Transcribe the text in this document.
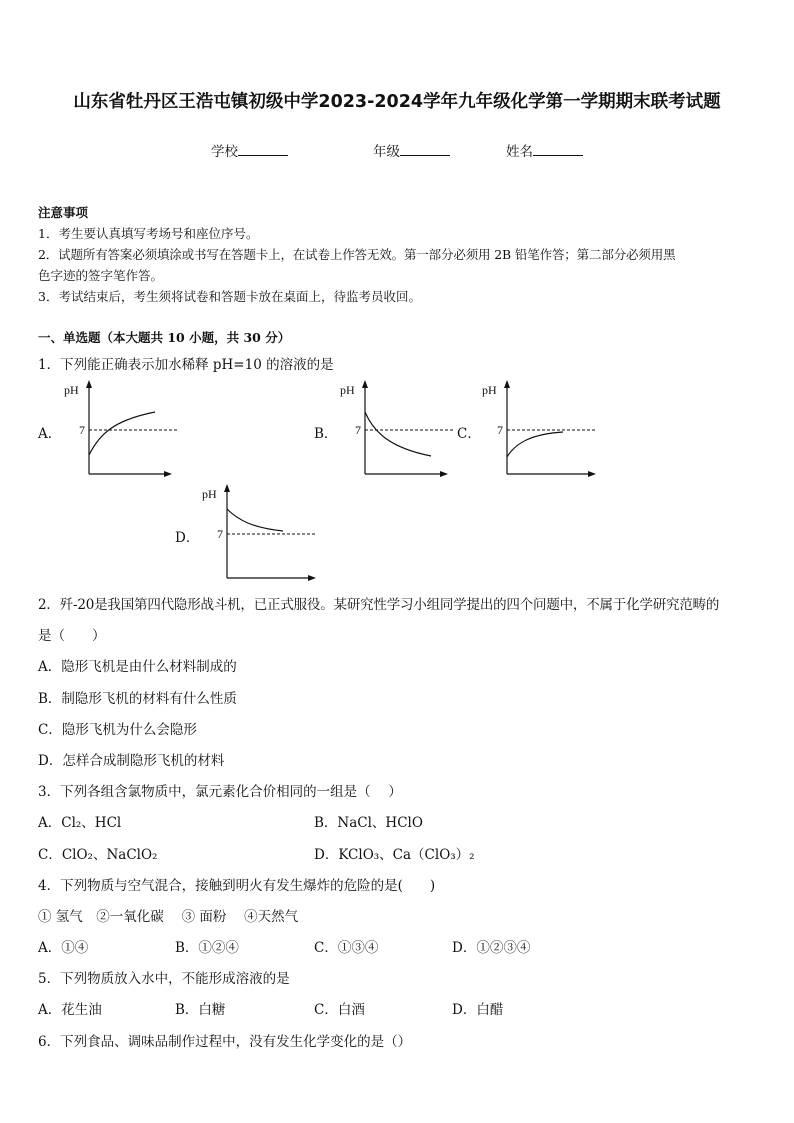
山东省牡丹区王浩屯镇初级中学2023-2024学年九年级化学第一学期期末联考试题
学校	年级	姓名
注意事项
1．考生要认真填写考场号和座位序号。
2．试题所有答案必须填涂或书写在答题卡上，在试卷上作答无效。第一部分必须用 2B 铅笔作答；第二部分必须用黑
色字迹的签字笔作答。
3．考试结束后，考生须将试卷和答题卡放在桌面上，待监考员收回。
一、单选题（本大题共 10 小题，共 30 分）
1．下列能正确表示加水稀释 pH=10 的溶液的是
A．
pH
7	B．
pH
7	C．
pH
7
D．
pH
7
2．歼-20是我国第四代隐形战斗机，已正式服役。某研究性学习小组同学提出的四个问题中，不属于化学研究范畴的
是（　　）
A．隐形飞机是由什么材料制成的
B．制隐形飞机的材料有什么性质
C．隐形飞机为什么会隐形
D．怎样合成制隐形飞机的材料
3．下列各组含氯物质中，氯元素化合价相同的一组是（　 ）
A．Cl₂、HCl	B．NaCl、HClO
C．ClO₂、NaClO₂	D．KClO₃、Ca（ClO₃）₂
4．下列物质与空气混合，接触到明火有发生爆炸的危险的是(　　)
① 氢气　②一氧化碳　 ③ 面粉　 ④天然气
A．①④	B．①②④	C．①③④	D．①②③④
5．下列物质放入水中，不能形成溶液的是
A．花生油	B．白糖	C．白酒	D．白醋
6．下列食品、调味品制作过程中，没有发生化学变化的是（）
